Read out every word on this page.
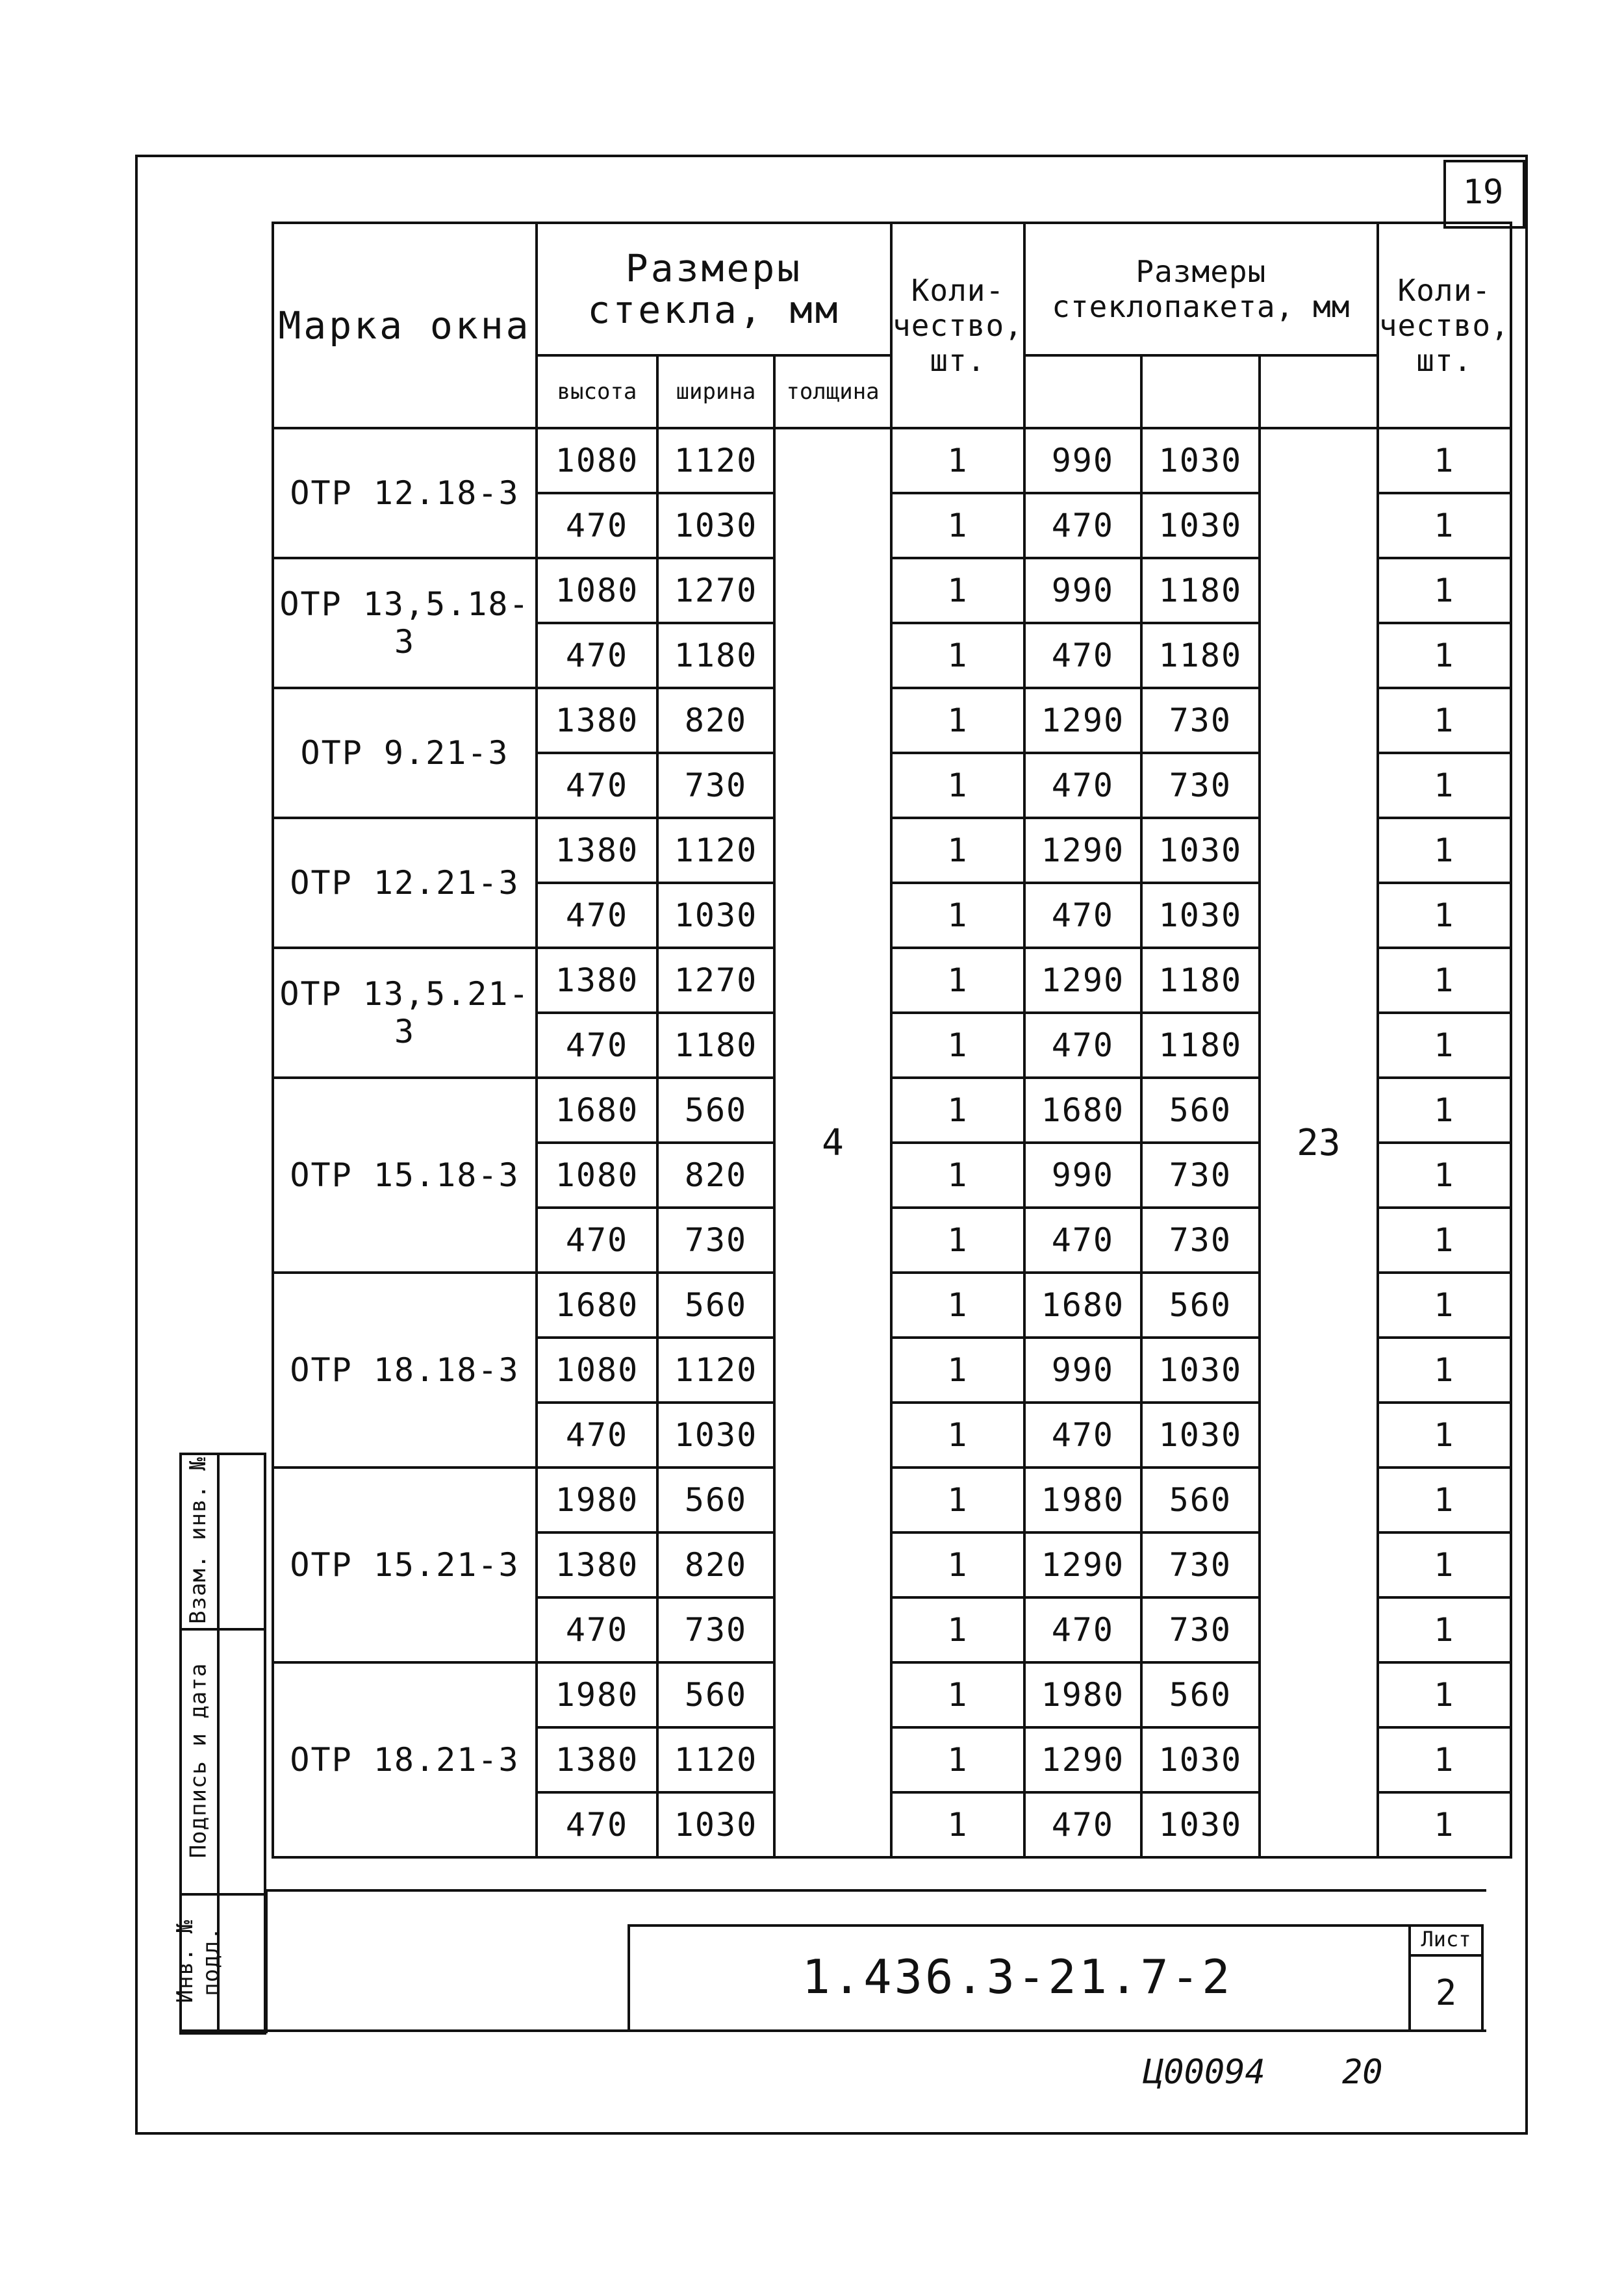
19
Марка окна	Размеры стекла, мм			Коли-чество, шт.	Размеры стеклопакета, мм			Коли-чество, шт.
	высота	ширина	толщина					
ОТР 12.18-3	1080	1120	4	1	990	1030	23	1
	470	1030		1	470	1030		1
ОТР 13,5.18-3	1080	1270		1	990	1180		1
	470	1180		1	470	1180		1
ОТР 9.21-3	1380	820		1	1290	730		1
	470	730		1	470	730		1
ОТР 12.21-3	1380	1120		1	1290	1030		1
	470	1030		1	470	1030		1
ОТР 13,5.21-3	1380	1270		1	1290	1180		1
	470	1180		1	470	1180		1
ОТР 15.18-3	1680	560		1	1680	560		1
	1080	820		1	990	730		1
	470	730		1	470	730		1
ОТР 18.18-3	1680	560		1	1680	560		1
	1080	1120		1	990	1030		1
	470	1030		1	470	1030		1
ОТР 15.21-3	1980	560		1	1980	560		1
	1380	820		1	1290	730		1
	470	730		1	470	730		1
ОТР 18.21-3	1980	560		1	1980	560		1
	1380	1120		1	1290	1030		1
	470	1030		1	470	1030		1
1.436.3-21.7-2
Лист
2
Взам. инв. №
Подпись и дата
Инв. № подл.
Ц00094 20
